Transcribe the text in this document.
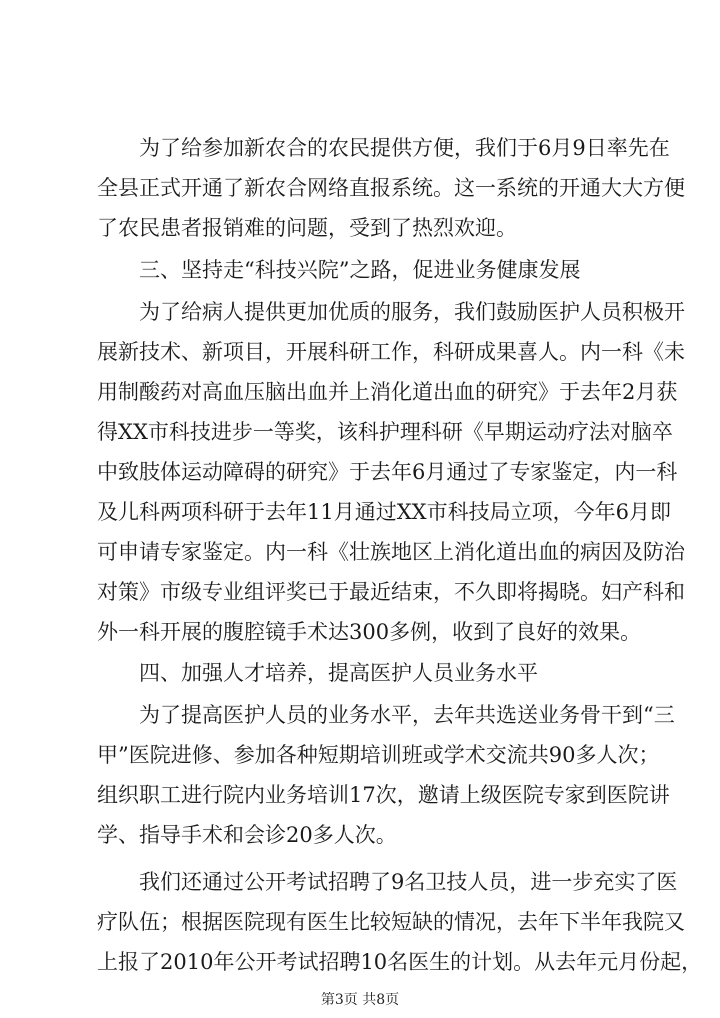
为了给参加新农合的农民提供方便，我们于6月9日率先在
全县正式开通了新农合网络直报系统。这一系统的开通大大方便
了农民患者报销难的问题，受到了热烈欢迎。
三、坚持走“科技兴院”之路，促进业务健康发展
为了给病人提供更加优质的服务，我们鼓励医护人员积极开
展新技术、新项目，开展科研工作，科研成果喜人。内一科《未
用制酸药对高血压脑出血并上消化道出血的研究》于去年2月获
得XX市科技进步一等奖，该科护理科研《早期运动疗法对脑卒
中致肢体运动障碍的研究》于去年6月通过了专家鉴定，内一科
及儿科两项科研于去年11月通过XX市科技局立项，今年6月即
可申请专家鉴定。内一科《壮族地区上消化道出血的病因及防治
对策》市级专业组评奖已于最近结束，不久即将揭晓。妇产科和
外一科开展的腹腔镜手术达300多例，收到了良好的效果。
四、加强人才培养，提高医护人员业务水平
为了提高医护人员的业务水平，去年共选送业务骨干到“三
甲”医院进修、参加各种短期培训班或学术交流共90多人次；
组织职工进行院内业务培训17次，邀请上级医院专家到医院讲
学、指导手术和会诊20多人次。
我们还通过公开考试招聘了9名卫技人员，进一步充实了医
疗队伍；根据医院现有医生比较短缺的情况，去年下半年我院又
上报了2010年公开考试招聘10名医生的计划。从去年元月份起，
第3页 共8页
